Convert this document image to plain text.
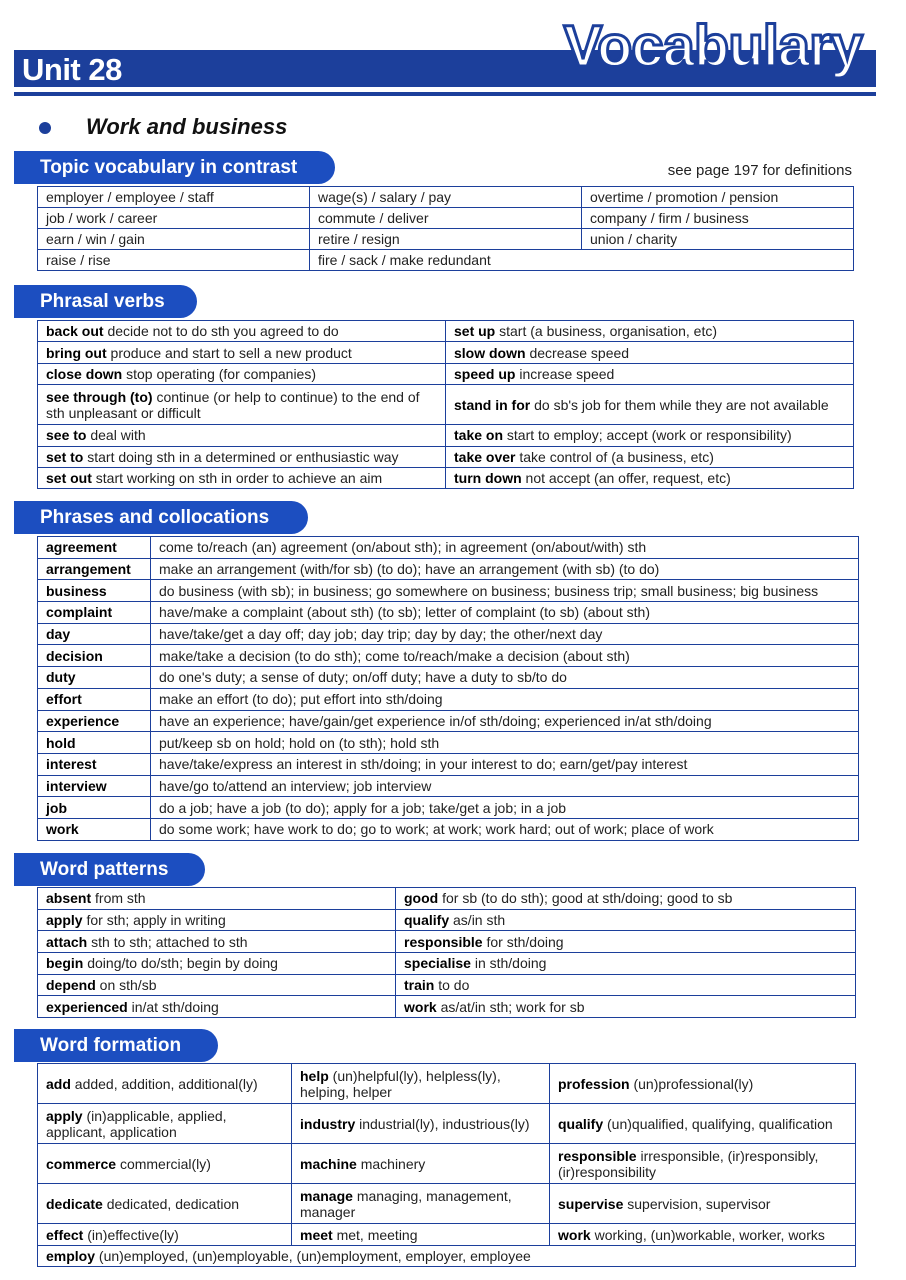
Unit 28	Vocabulary
Work and business
Topic vocabulary in contrast	see page 197 for definitions
employer / employee / staff	wage(s) / salary / pay	overtime / promotion / pension
job / work / career	commute / deliver	company / firm / business
earn / win / gain	retire / resign	union / charity
raise / rise	fire / sack / make redundant	
Phrasal verbs
back out decide not to do sth you agreed to do	set up start (a business, organisation, etc)
bring out produce and start to sell a new product	slow down decrease speed
close down stop operating (for companies)	speed up increase speed
see through (to) continue (or help to continue) to the end of sth unpleasant or difficult	stand in for do sb's job for them while they are not available
see to deal with	take on start to employ; accept (work or responsibility)
set to start doing sth in a determined or enthusiastic way	take over take control of (a business, etc)
set out start working on sth in order to achieve an aim	turn down not accept (an offer, request, etc)
Phrases and collocations
agreement	come to/reach (an) agreement (on/about sth); in agreement (on/about/with) sth
arrangement	make an arrangement (with/for sb) (to do); have an arrangement (with sb) (to do)
business	do business (with sb); in business; go somewhere on business; business trip; small business; big business
complaint	have/make a complaint (about sth) (to sb); letter of complaint (to sb) (about sth)
day	have/take/get a day off; day job; day trip; day by day; the other/next day
decision	make/take a decision (to do sth); come to/reach/make a decision (about sth)
duty	do one's duty; a sense of duty; on/off duty; have a duty to sb/to do
effort	make an effort (to do); put effort into sth/doing
experience	have an experience; have/gain/get experience in/of sth/doing; experienced in/at sth/doing
hold	put/keep sb on hold; hold on (to sth); hold sth
interest	have/take/express an interest in sth/doing; in your interest to do; earn/get/pay interest
interview	have/go to/attend an interview; job interview
job	do a job; have a job (to do); apply for a job; take/get a job; in a job
work	do some work; have work to do; go to work; at work; work hard; out of work; place of work
Word patterns
absent from sth	good for sb (to do sth); good at sth/doing; good to sb
apply for sth; apply in writing	qualify as/in sth
attach sth to sth; attached to sth	responsible for sth/doing
begin doing/to do/sth; begin by doing	specialise in sth/doing
depend on sth/sb	train to do
experienced in/at sth/doing	work as/at/in sth; work for sb
Word formation
add added, addition, additional(ly)	help (un)helpful(ly), helpless(ly), helping, helper	profession (un)professional(ly)
apply (in)applicable, applied, applicant, application	industry industrial(ly), industrious(ly)	qualify (un)qualified, qualifying, qualification
commerce commercial(ly)	machine machinery	responsible irresponsible, (ir)responsibly, (ir)responsibility
dedicate dedicated, dedication	manage managing, management, manager	supervise supervision, supervisor
effect (in)effective(ly)	meet met, meeting	work working, (un)workable, worker, works
employ (un)employed, (un)employable, (un)employment, employer, employee		
